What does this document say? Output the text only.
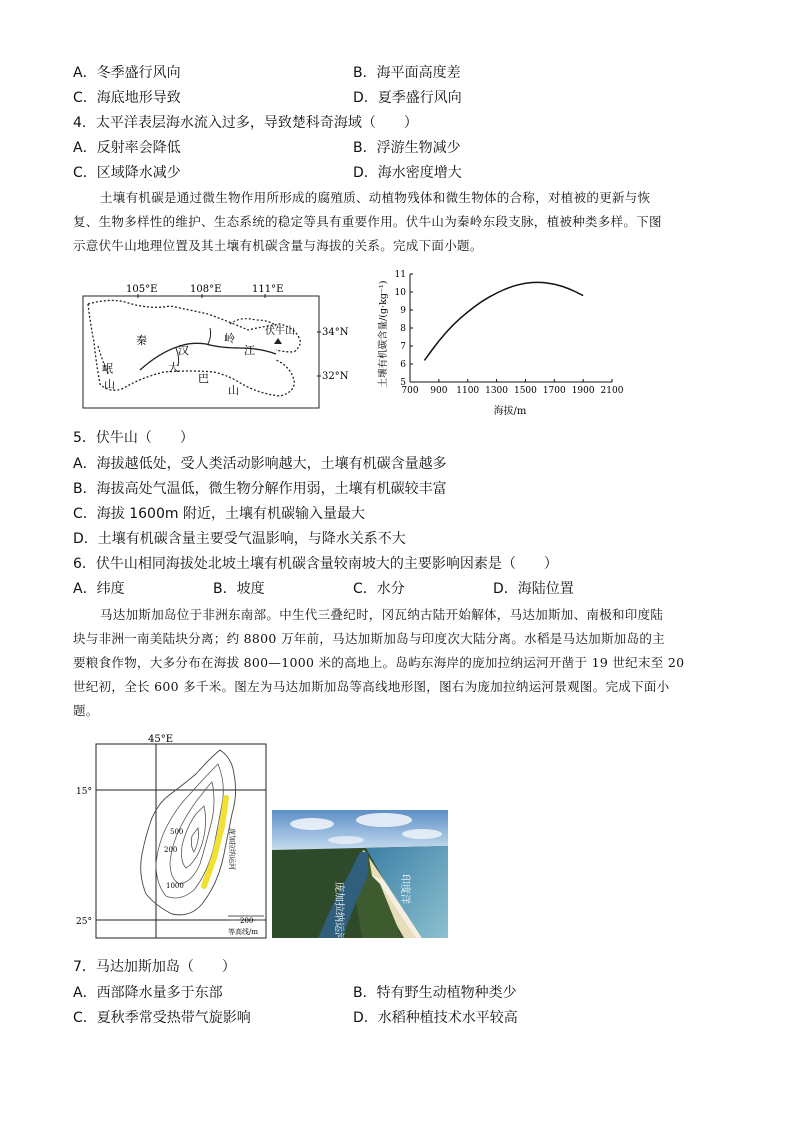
A．冬季盛行风向	B．海平面高度差
C．海底地形导致	D．夏季盛行风向
4．太平洋表层海水流入过多，导致楚科奇海域（　　）
A．反射率会降低	B．浮游生物减少
C．区域降水减少	D．海水密度增大

土壤有机碳是通过微生物作用所形成的腐殖质、动植物残体和微生物体的合称，对植被的更新与恢

复、生物多样性的维护、生态系统的稳定等具有重要作用。伏牛山为秦岭东段支脉，植被种类多样。下图

示意伏牛山地理位置及其土壤有机碳含量与海拔的关系。完成下面小题。

105°E	108°E	111°E
34°N
32°N
伏牛山
秦	岭
汉	江
大
巴
山
岷
山	700 900 1100 1300 1500 1700 1900 2100
5
6
7
8
9
10
11
海拔/m
土壤有机碳含量/(g·kg⁻¹)
5．伏牛山（　　）
A．海拔越低处，受人类活动影响越大，土壤有机碳含量越多
B．海拔高处气温低，微生物分解作用弱，土壤有机碳较丰富
C．海拔 1600m 附近，土壤有机碳输入量最大
D．土壤有机碳含量主要受气温影响，与降水关系不大
6．伏牛山相同海拔处北坡土壤有机碳含量较南坡大的主要影响因素是（　　）
A．纬度	B．坡度	C．水分	D．海陆位置

马达加斯加岛位于非洲东南部。中生代三叠纪时，冈瓦纳古陆开始解体，马达加斯加、南极和印度陆

块与非洲一南美陆块分离；约 8800 万年前，马达加斯加岛与印度次大陆分离。水稻是马达加斯加岛的主

要粮食作物，大多分布在海拔 800—1000 米的高地上。岛屿东海岸的庞加拉纳运河开凿于 19 世纪末至 20

世纪初，全长 600 多千米。图左为马达加斯加岛等高线地形图，图右为庞加拉纳运河景观图。完成下面小

题。

45°E
15°
25°
500
200
1000
庞加拉纳运河
200
等高线/m	庞加拉纳运河	印度洋
7．马达加斯加岛（　　）
A．西部降水量多于东部	B．特有野生动植物种类少
C．夏秋季常受热带气旋影响	D．水稻种植技术水平较高
